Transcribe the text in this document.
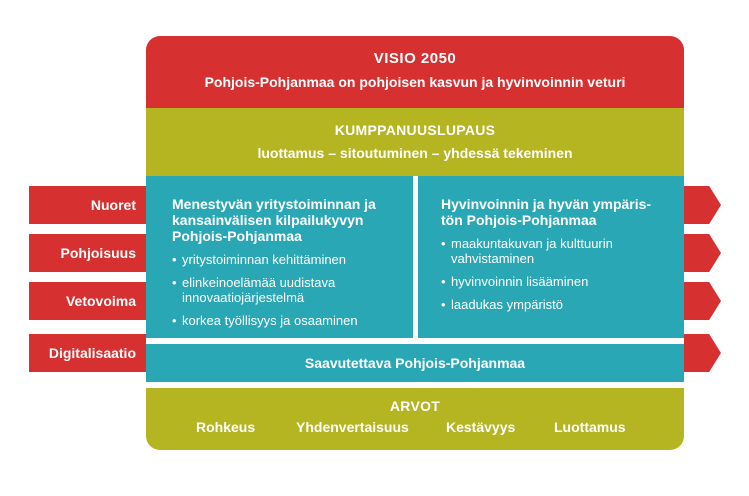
Nuoret
Pohjoisuus
Vetovoima
Digitalisaatio
VISIO 2050
Pohjois-Pohjanmaa on pohjoisen kasvun ja hyvinvoinnin veturi
KUMPPANUUSLUPAUS
luottamus – sitoutuminen – yhdessä tekeminen
Menestyvän yritystoiminnan ja
kansainvälisen kilpailukyvyn
Pohjois-Pohjanmaa
• yritystoiminnan kehittäminen
• elinkeinoelämää uudistava
innovaatiojärjestelmä
• korkea työllisyys ja osaaminen
Hyvinvoinnin ja hyvän ympäris-
tön Pohjois-Pohjanmaa
• maakuntakuvan ja kulttuurin
vahvistaminen
• hyvinvoinnin lisääminen
• laadukas ympäristö
Saavutettava Pohjois-Pohjanmaa
ARVOT
Rohkeus	Yhdenvertaisuus	Kestävyys	Luottamus
